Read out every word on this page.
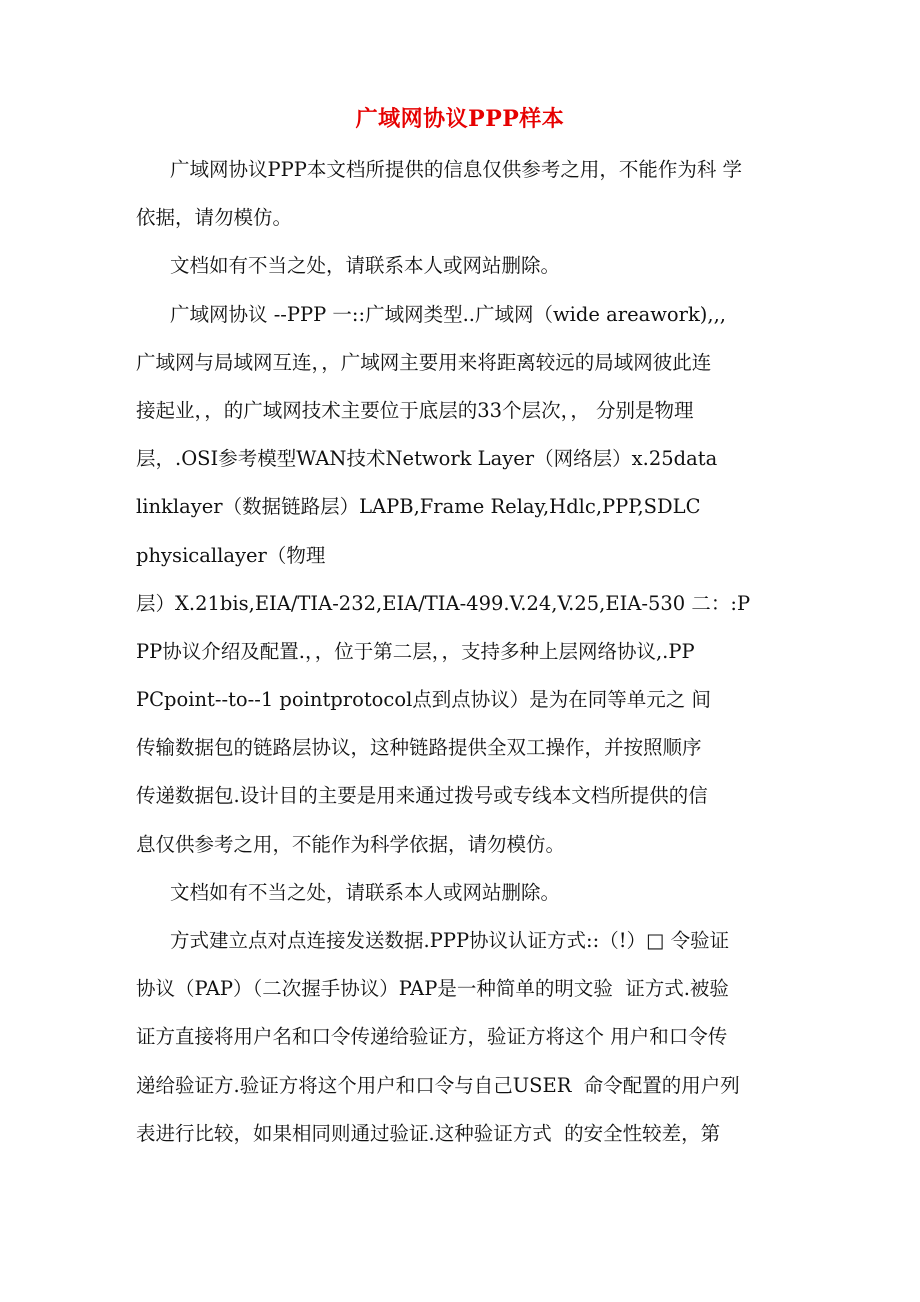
广域网协议PPP样本
广域网协议PPP本文档所提供的信息仅供参考之用，不能作为科 学
依据，请勿模仿。
文档如有不当之处，请联系本人或网站删除。
广域网协议 --PPP 一::广域网类型..广域网（wide areawork),,,
广域网与局域网互连，，广域网主要用来将距离较远的局域网彼此连
接起业，，的广域网技术主要位于底层的33个层次，， 分别是物理
层，.OSI参考模型WAN技术Network Layer（网络层）x.25data
linklayer（数据链路层）LAPB,Frame Relay,Hdlc,PPP,SDLC
physicallayer（物理
层）X.21bis,EIA/TIA-232,EIA/TIA-499.V.24,V.25,EIA-530 二：:P
PP协议介绍及配置.，，位于第二层，，支持多种上层网络协议,.PP
PCpoint--to--1 pointprotocol点到点协议）是为在同等单元之 间
传输数据包的链路层协议，这种链路提供全双工操作，并按照顺序
传递数据包.设计目的主要是用来通过拨号或专线本文档所提供的信
息仅供参考之用，不能作为科学依据，请勿模仿。
文档如有不当之处，请联系本人或网站删除。
方式建立点对点连接发送数据.PPP协议认证方式::（!）□ 令验证
协议（PAP）（二次握手协议）PAP是一种简单的明文验  证方式.被验
证方直接将用户名和口令传递给验证方，验证方将这个 用户和口令传
递给验证方.验证方将这个用户和口令与自己USER  命令配置的用户列
表进行比较，如果相同则通过验证.这种验证方式  的安全性较差，第
